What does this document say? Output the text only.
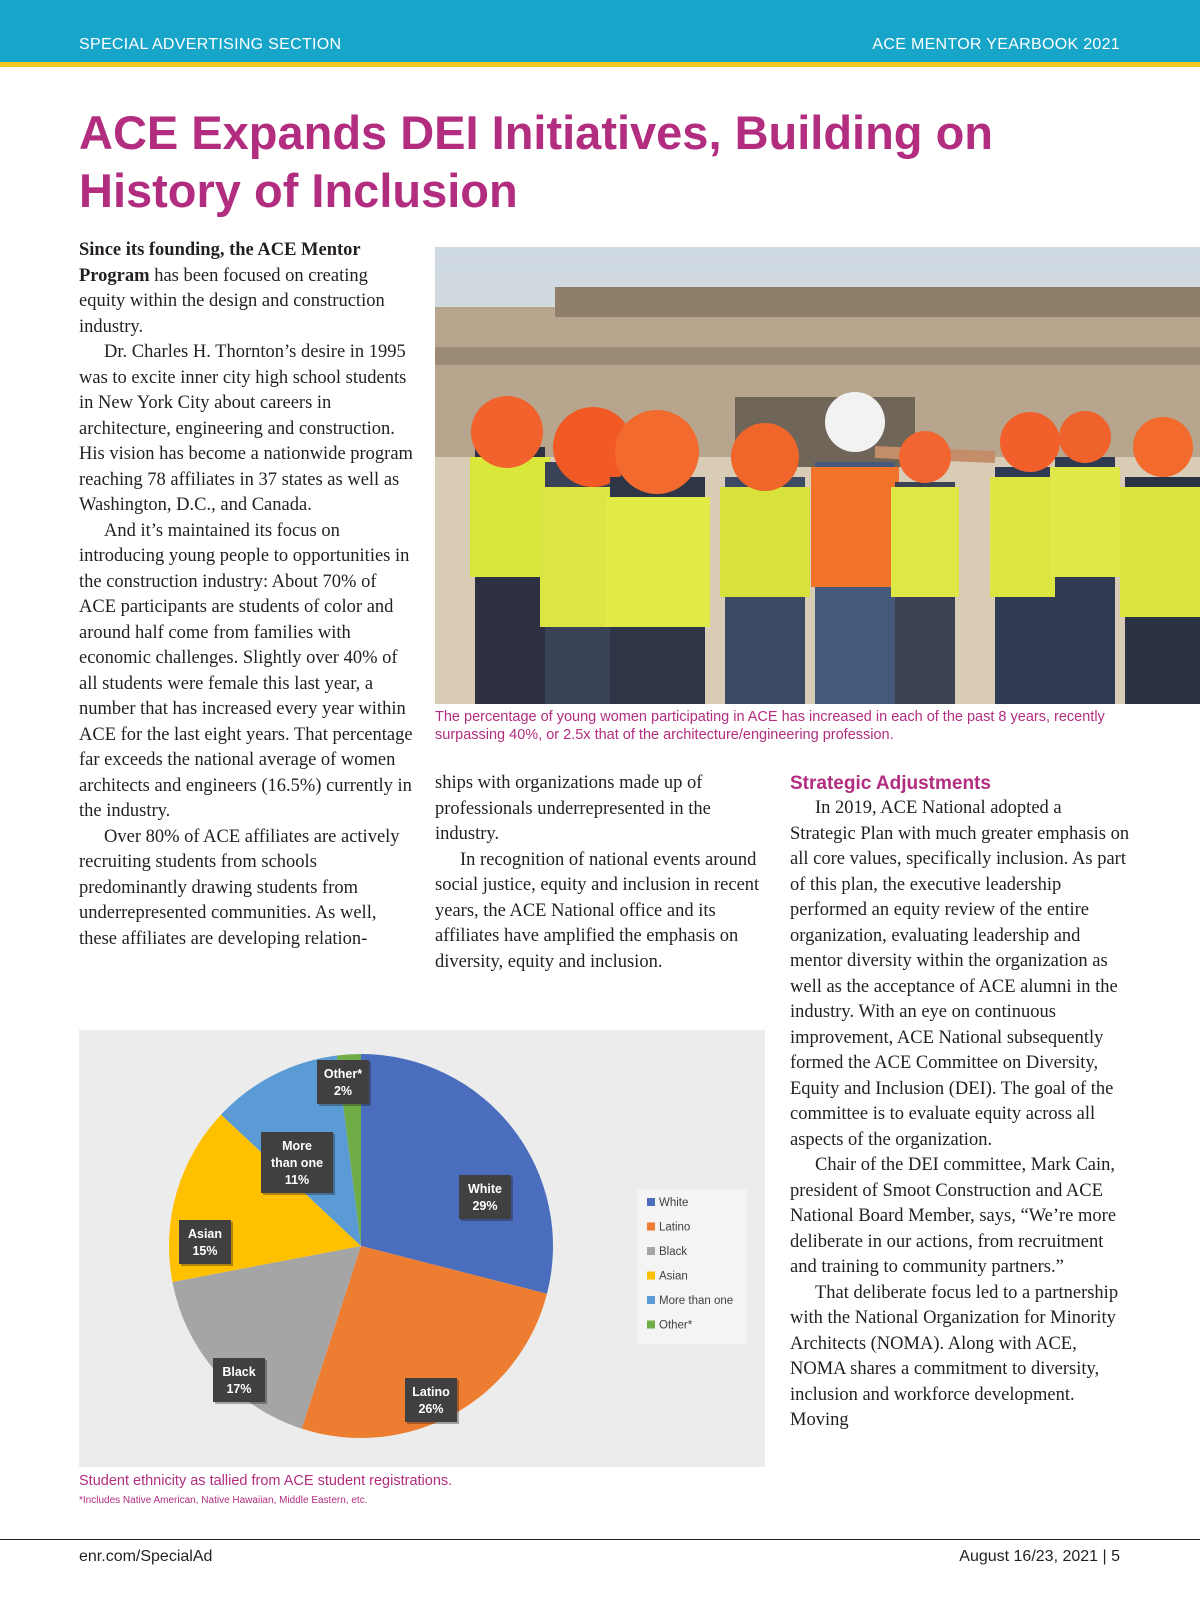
SPECIAL ADVERTISING SECTION	ACE MENTOR YEARBOOK 2021
ACE Expands DEI Initiatives, Building on
History of Inclusion

Since its founding, the ACE Mentor Program has been focused on creating equity within the design and construction industry.

Dr. Charles H. Thornton’s desire in 1995 was to excite inner city high school students in New York City about careers in architecture, engineering and construction. His vision has become a nationwide program reaching 78 affiliates in 37 states as well as Washington, D.C., and Canada.

And it’s maintained its focus on introducing young people to opportunities in the construction industry: About 70% of ACE participants are students of color and around half come from families with economic challenges. Slightly over 40% of all students were female this last year, a number that has increased every year within ACE for the last eight years. That percentage far exceeds the national average of women architects and engineers (16.5%) currently in the industry.

Over 80% of ACE affiliates are actively recruiting students from schools predominantly drawing students from underrepresented communities. As well, these affiliates are developing relation-

The percentage of young women participating in ACE has increased in each of the past 8 years, recently surpassing 40%, or 2.5x that of the architecture/engineering profession.

ships with organizations made up of professionals underrepresented in the industry.

In recognition of national events around social justice, equity and inclusion in recent years, the ACE National office and its affiliates have amplified the emphasis on diversity, equity and inclusion.

Strategic Adjustments

In 2019, ACE National adopted a Strategic Plan with much greater emphasis on all core values, specifically inclusion. As part of this plan, the executive leadership performed an equity review of the entire organization, evaluating leadership and mentor diversity within the organization as well as the acceptance of ACE alumni in the industry. With an eye on continuous improvement, ACE National subsequently formed the ACE Committee on Diversity, Equity and Inclusion (DEI). The goal of the committee is to evaluate equity across all aspects of the organization.

Chair of the DEI committee, Mark Cain, president of Smoot Construction and ACE National Board Member, says, “We’re more deliberate in our actions, from recruitment and training to community partners.”

That deliberate focus led to a partnership with the National Organization for Minority Architects (NOMA). Along with ACE, NOMA shares a commitment to diversity, inclusion and workforce development. Moving

White
29%
Latino
26%
Black
17%
Asian
15%
More
than one
11%
Other*
2%
White
Latino
Black
Asian
More than one
Other*
Student ethnicity as tallied from ACE student registrations.
*Includes Native American, Native Hawaiian, Middle Eastern, etc.
enr.com/SpecialAd	August 16/23, 2021 | 5
